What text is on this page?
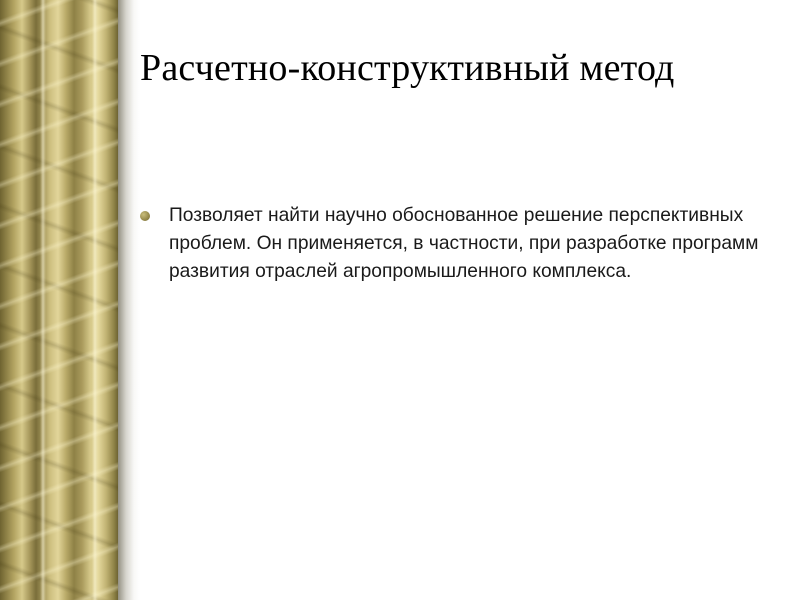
Расчетно-конструктивный метод
Позволяет найти научно обоснованное решение перспективных проблем. Он применяется, в частности, при разработке программ развития отраслей агропромышленного комплекса.
